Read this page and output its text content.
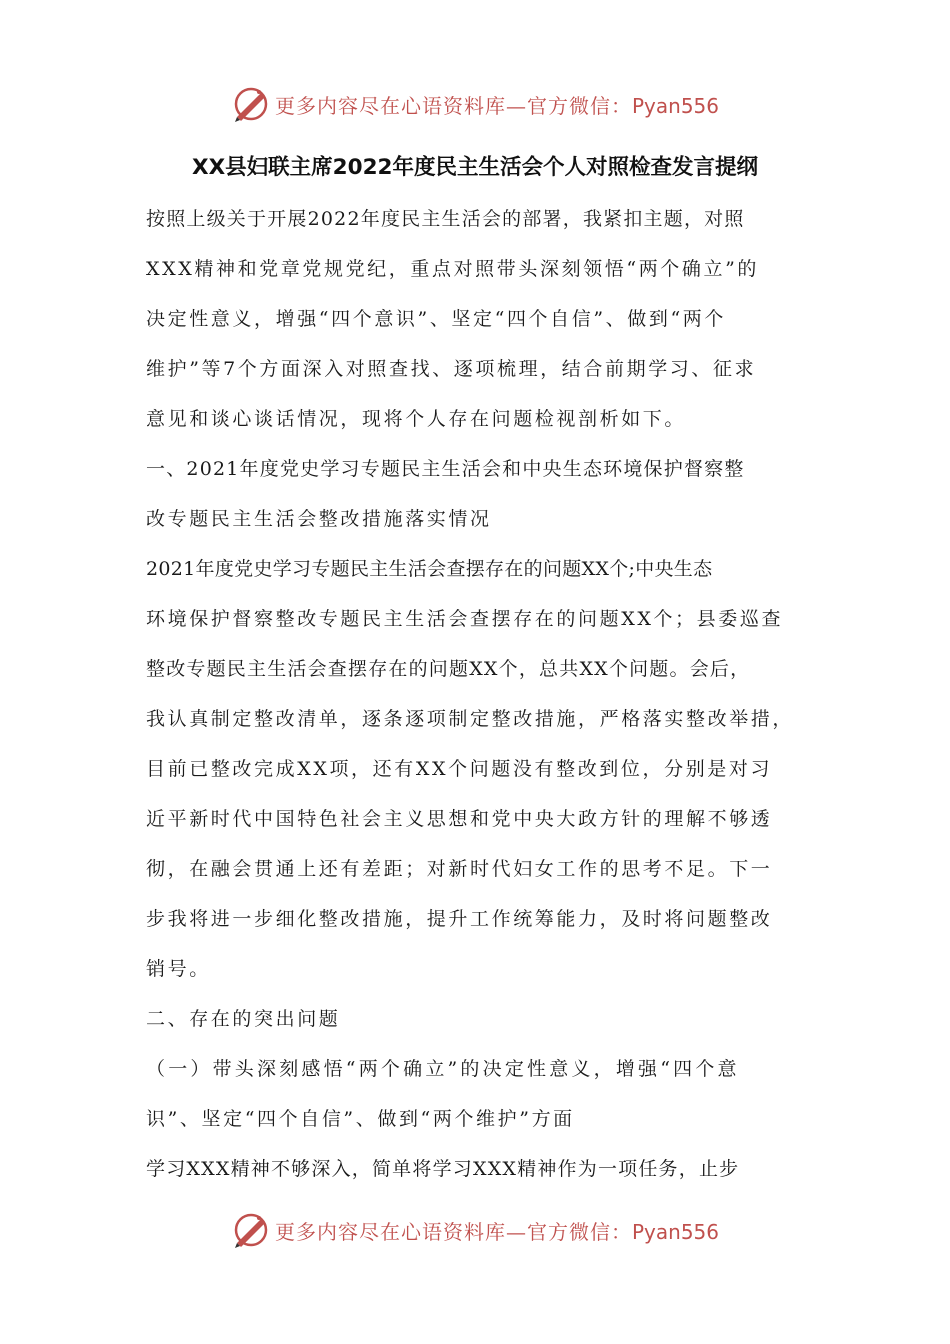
更多内容尽在心语资料库—官方微信：Pyan556
XX县妇联主席2022年度民主生活会个人对照检查发言提纲
按照上级关于开展2022年度民主生活会的部署，我紧扣主题，对照
XXX精神和党章党规党纪，重点对照带头深刻领悟“两个确立”的
决定性意义，增强“四个意识”、坚定“四个自信”、做到“两个
维护”等7个方面深入对照查找、逐项梳理，结合前期学习、征求
意见和谈心谈话情况，现将个人存在问题检视剖析如下。
一、2021年度党史学习专题民主生活会和中央生态环境保护督察整
改专题民主生活会整改措施落实情况
2021年度党史学习专题民主生活会查摆存在的问题XX个;中央生态
环境保护督察整改专题民主生活会查摆存在的问题XX个；县委巡查
整改专题民主生活会查摆存在的问题XX个，总共XX个问题。会后，
我认真制定整改清单，逐条逐项制定整改措施，严格落实整改举措，
目前已整改完成XX项，还有XX个问题没有整改到位，分别是对习
近平新时代中国特色社会主义思想和党中央大政方针的理解不够透
彻，在融会贯通上还有差距；对新时代妇女工作的思考不足。下一
步我将进一步细化整改措施，提升工作统筹能力，及时将问题整改
销号。
二、存在的突出问题
（一）带头深刻感悟“两个确立”的决定性意义，增强“四个意
识”、坚定“四个自信”、做到“两个维护”方面
学习XXX精神不够深入，简单将学习XXX精神作为一项任务，止步
更多内容尽在心语资料库—官方微信：Pyan556
